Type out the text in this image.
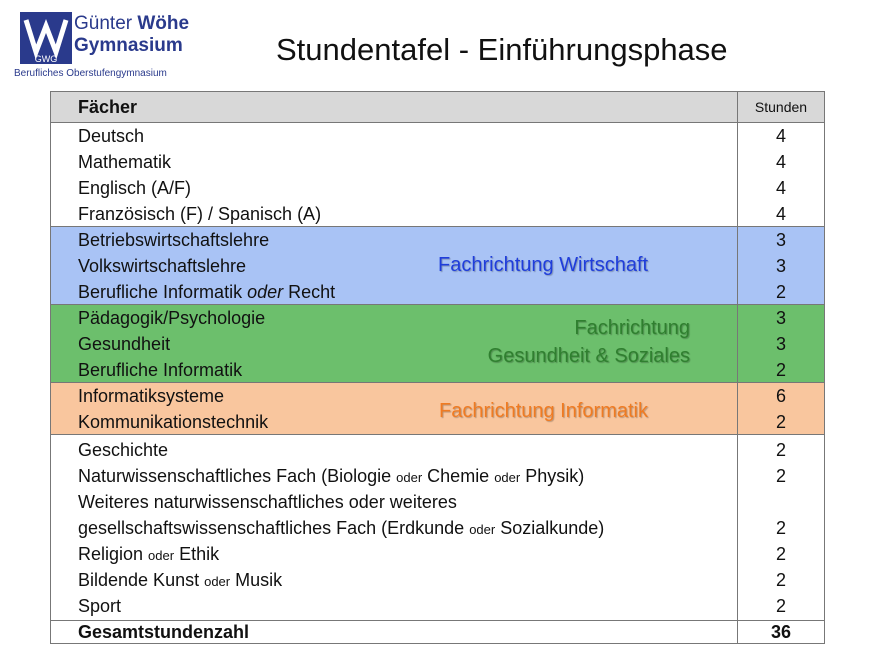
GWG
Günter Wöhe
Gymnasium
Berufliches Oberstufengymnasium
Stundentafel - Einführungsphase
Fächer	Stunden
Deutsch	4
Mathematik	4
Englisch (A/F)	4
Französisch (F) / Spanisch (A)	4
Betriebswirtschaftslehre	3
Volkswirtschaftslehre	3
Berufliche Informatik oder Recht	2
Fachrichtung Wirtschaft
Pädagogik/Psychologie	3
Gesundheit	3
Berufliche Informatik	2
Fachrichtung
Gesundheit & Soziales
Informatiksysteme	6
Kommunikationstechnik	2
Fachrichtung Informatik
Geschichte	2
Naturwissenschaftliches Fach (Biologie oder Chemie oder Physik)	2
Weiteres naturwissenschaftliches oder weiteres
gesellschaftswissenschaftliches Fach (Erdkunde oder Sozialkunde)	2
Religion oder Ethik	2
Bildende Kunst oder Musik	2
Sport	2
Gesamtstundenzahl	36
